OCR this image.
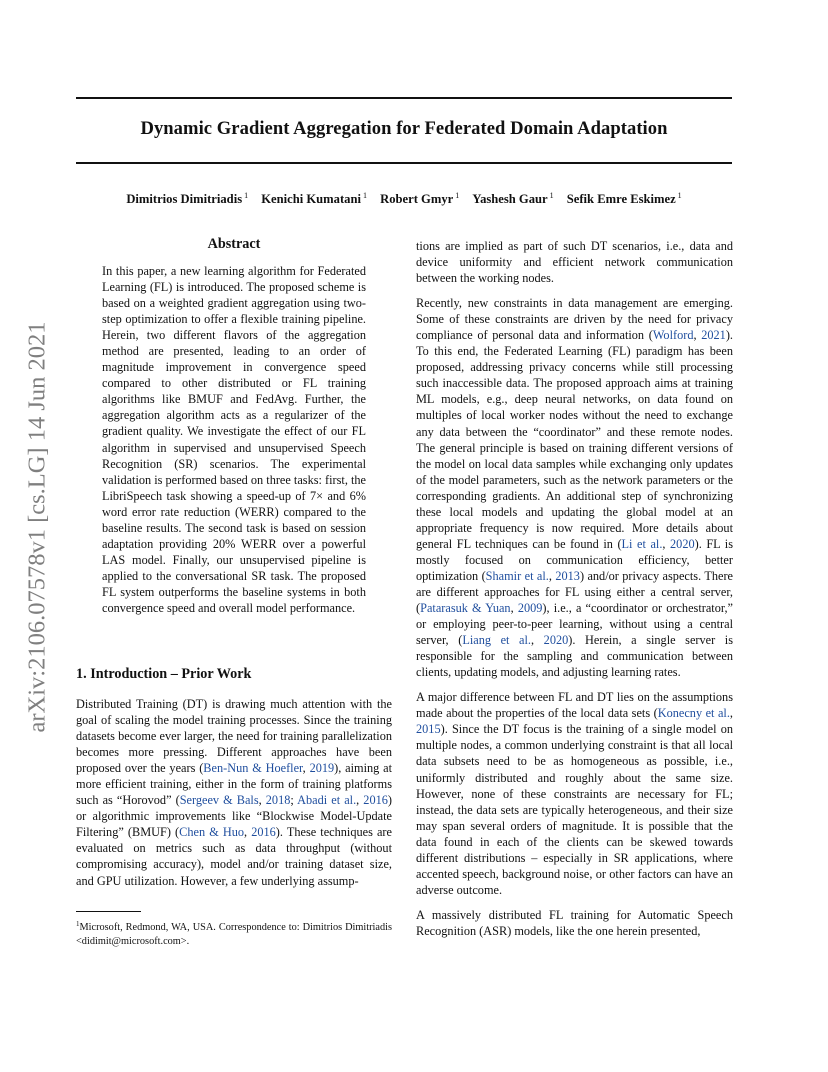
arXiv:2106.07578v1 [cs.LG] 14 Jun 2021
Dynamic Gradient Aggregation for Federated Domain Adaptation
Dimitrios Dimitriadis $^1$ Kenichi Kumatani $^1$ Robert Gmyr $^1$ Yashesh Gaur $^1$ Sefik Emre Eskimez $^1$
Abstract
In this paper, a new learning algorithm for Federated Learning (FL) is introduced. The proposed scheme is based on a weighted gradient aggregation using two-step optimization to offer a flexible training pipeline. Herein, two different flavors of the aggregation method are presented, leading to an order of magnitude improvement in convergence speed compared to other distributed or FL training algorithms like BMUF and FedAvg. Further, the aggregation algorithm acts as a regularizer of the gradient quality. We investigate the effect of our FL algorithm in supervised and unsupervised Speech Recognition (SR) scenarios. The experimental validation is performed based on three tasks: first, the LibriSpeech task showing a speed-up of 7× and 6% word error rate reduction (WERR) compared to the baseline results. The second task is based on session adaptation providing 20% WERR over a powerful LAS model. Finally, our unsupervised pipeline is applied to the conversational SR task. The proposed FL system outperforms the baseline systems in both convergence speed and overall model performance.
1. Introduction – Prior Work

Distributed Training (DT) is drawing much attention with the goal of scaling the model training processes. Since the training datasets become ever larger, the need for training parallelization becomes more pressing. Different approaches have been proposed over the years (Ben-Nun & Hoefler, 2019), aiming at more efficient training, either in the form of training platforms such as “Horovod” (Sergeev & Bals, 2018; Abadi et al., 2016) or algorithmic improvements like “Blockwise Model-Update Filtering” (BMUF) (Chen & Huo, 2016). These techniques are evaluated on metrics such as data throughput (without compromising accuracy), model and/or training dataset size, and GPU utilization. However, a few underlying assump-

$^1$Microsoft, Redmond, WA, USA. Correspondence to: Dimitrios Dimitriadis <didimit@microsoft.com>.

tions are implied as part of such DT scenarios, i.e., data and device uniformity and efficient network communication between the working nodes.

Recently, new constraints in data management are emerging. Some of these constraints are driven by the need for privacy compliance of personal data and information (Wolford, 2021). To this end, the Federated Learning (FL) paradigm has been proposed, addressing privacy concerns while still processing such inaccessible data. The proposed approach aims at training ML models, e.g., deep neural networks, on data found on multiples of local worker nodes without the need to exchange any data between the “coordinator” and these remote nodes. The general principle is based on training different versions of the model on local data samples while exchanging only updates of the model parameters, such as the network parameters or the corresponding gradients. An additional step of synchronizing these local models and updating the global model at an appropriate frequency is now required. More details about general FL techniques can be found in (Li et al., 2020). FL is mostly focused on communication efficiency, better optimization (Shamir et al., 2013) and/or privacy aspects. There are different approaches for FL using either a central server, (Patarasuk & Yuan, 2009), i.e., a “coordinator or orchestrator,” or employing peer-to-peer learning, without using a central server, (Liang et al., 2020). Herein, a single server is responsible for the sampling and communication between clients, updating models, and adjusting learning rates.

A major difference between FL and DT lies on the assumptions made about the properties of the local data sets (Konecny et al., 2015). Since the DT focus is the training of a single model on multiple nodes, a common underlying constraint is that all local data subsets need to be as homogeneous as possible, i.e., uniformly distributed and roughly about the same size. However, none of these constraints are necessary for FL; instead, the data sets are typically heterogeneous, and their size may span several orders of magnitude. It is possible that the data found in each of the clients can be skewed towards different distributions – especially in SR applications, where accented speech, background noise, or other factors can have an adverse outcome.

A massively distributed FL training for Automatic Speech Recognition (ASR) models, like the one herein presented,
